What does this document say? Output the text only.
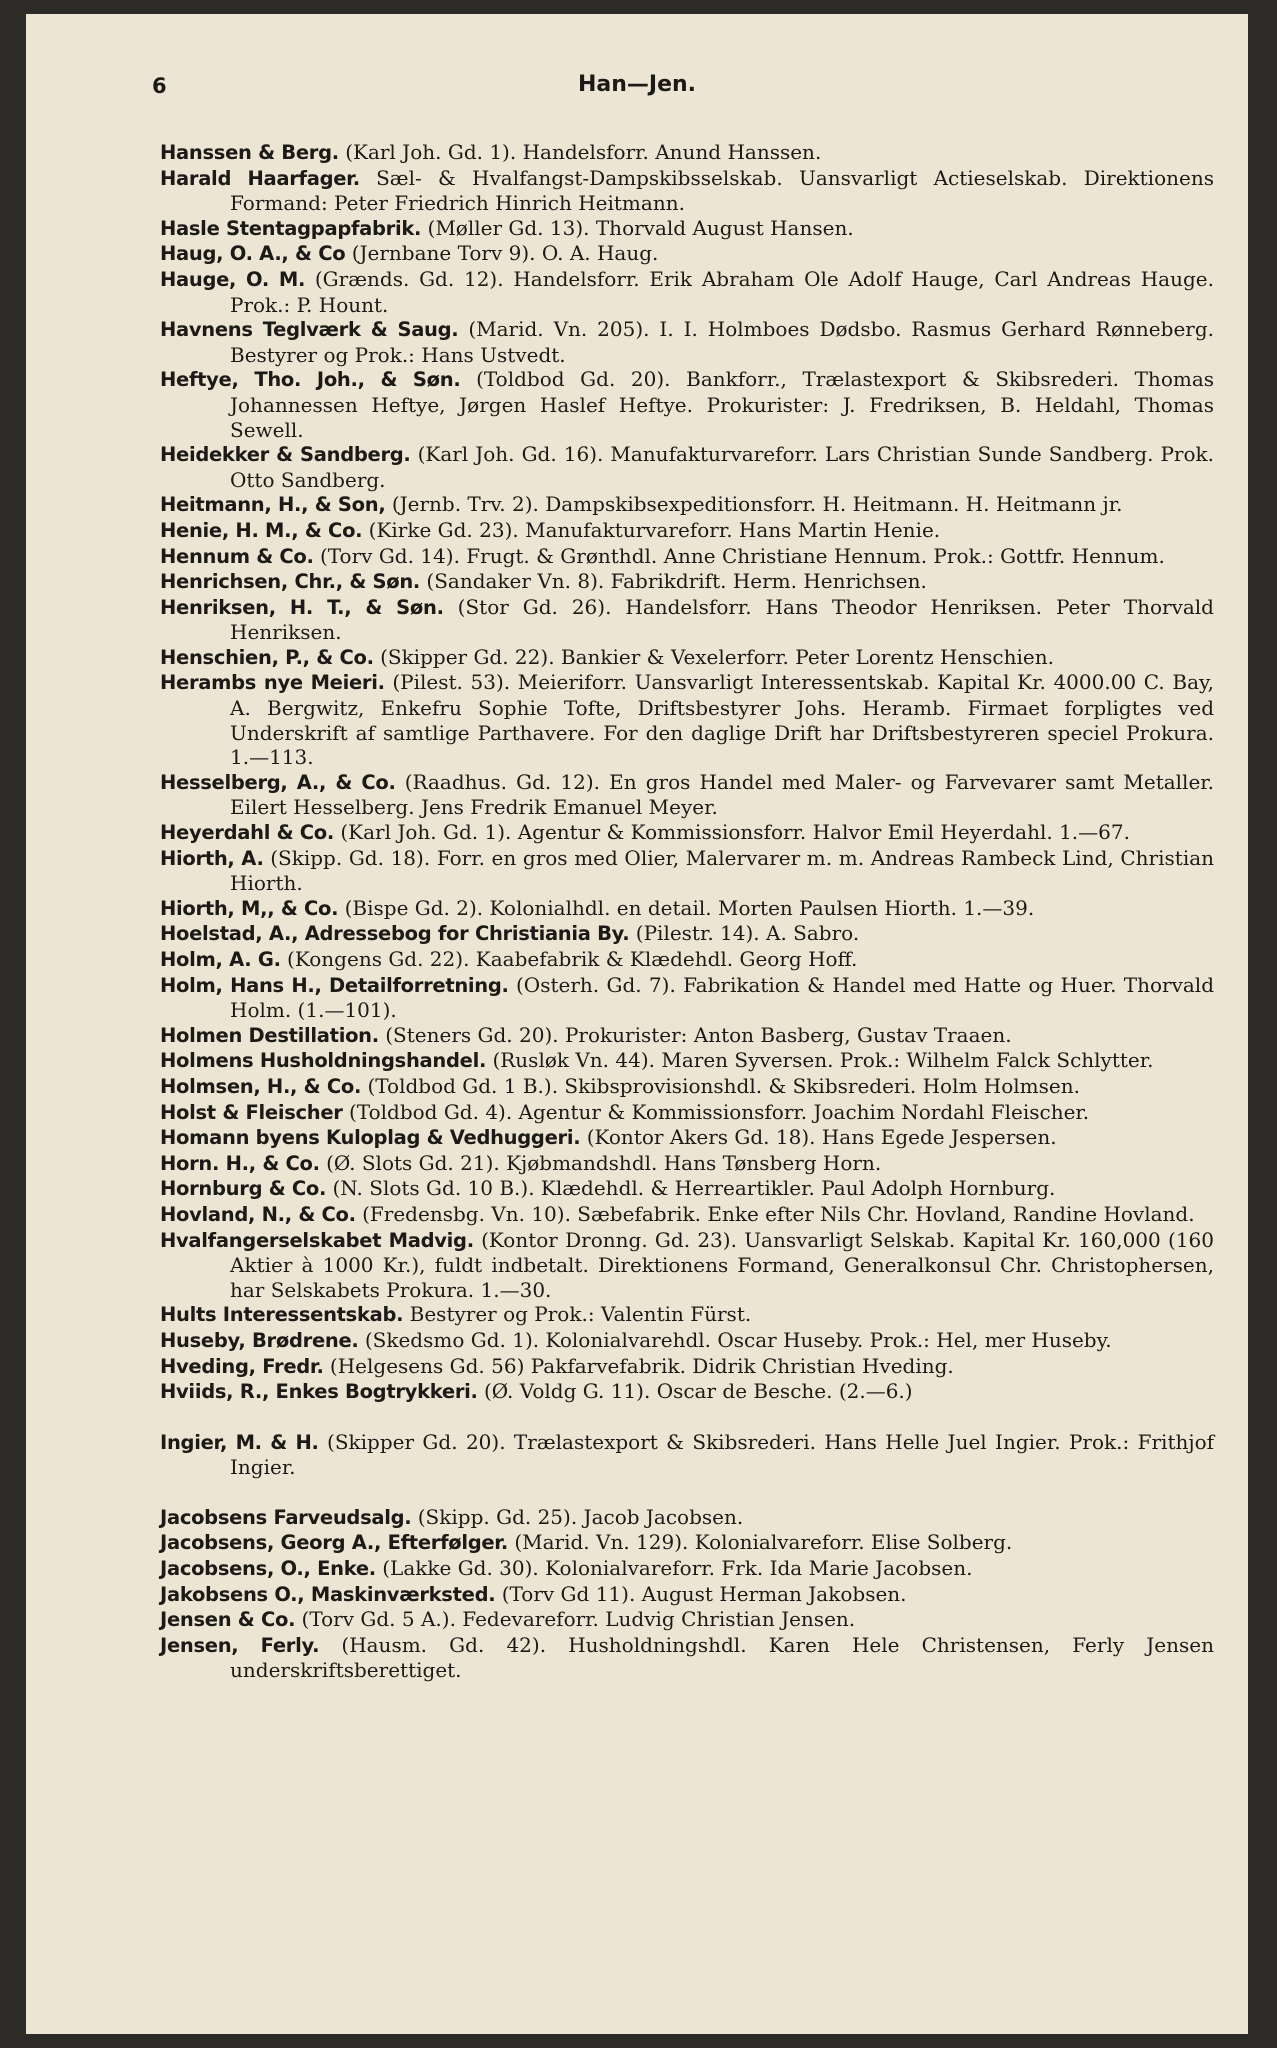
6	Han—Jen.
Hanssen & Berg. (Karl Joh. Gd. 1). Handelsforr. Anund Hanssen.
Harald Haarfager. Sæl- & Hvalfangst-Dampskibsselskab. Uansvarligt Actieselskab. Direktionens Formand: Peter Friedrich Hinrich Heitmann.
Hasle Stentagpapfabrik. (Møller Gd. 13). Thorvald August Hansen.
Haug, O. A., & Co (Jernbane Torv 9). O. A. Haug.
Hauge, O. M. (Grænds. Gd. 12). Handelsforr. Erik Abraham Ole Adolf Hauge, Carl Andreas Hauge. Prok.: P. Hount.
Havnens Teglværk & Saug. (Marid. Vn. 205). I. I. Holmboes Dødsbo. Rasmus Gerhard Rønneberg. Bestyrer og Prok.: Hans Ustvedt.
Heftye, Tho. Joh., & Søn. (Toldbod Gd. 20). Bankforr., Trælastexport & Skibsrederi. Thomas Johannessen Heftye, Jørgen Haslef Heftye. Prokurister: J. Fredriksen, B. Heldahl, Thomas Sewell.
Heidekker & Sandberg. (Karl Joh. Gd. 16). Manufakturvareforr. Lars Christian Sunde Sandberg. Prok. Otto Sandberg.
Heitmann, H., & Son, (Jernb. Trv. 2). Dampskibsexpeditionsforr. H. Heitmann. H. Heitmann jr.
Henie, H. M., & Co. (Kirke Gd. 23). Manufakturvareforr. Hans Martin Henie.
Hennum & Co. (Torv Gd. 14). Frugt. & Grønthdl. Anne Christiane Hennum. Prok.: Gottfr. Hennum.
Henrichsen, Chr., & Søn. (Sandaker Vn. 8). Fabrikdrift. Herm. Henrichsen.
Henriksen, H. T., & Søn. (Stor Gd. 26). Handelsforr. Hans Theodor Henriksen. Peter Thorvald Henriksen.
Henschien, P., & Co. (Skipper Gd. 22). Bankier & Vexelerforr. Peter Lorentz Henschien.
Herambs nye Meieri. (Pilest. 53). Meieriforr. Uansvarligt Interessentskab. Kapital Kr. 4000.00 C. Bay, A. Bergwitz, Enkefru Sophie Tofte, Driftsbestyrer Johs. Heramb. Firmaet forpligtes ved Underskrift af samtlige Parthavere. For den daglige Drift har Driftsbestyreren speciel Prokura. 1.—113.
Hesselberg, A., & Co. (Raadhus. Gd. 12). En gros Handel med Maler- og Farvevarer samt Metaller. Eilert Hesselberg. Jens Fredrik Emanuel Meyer.
Heyerdahl & Co. (Karl Joh. Gd. 1). Agentur & Kommissionsforr. Halvor Emil Heyerdahl. 1.—67.
Hiorth, A. (Skipp. Gd. 18). Forr. en gros med Olier, Malervarer m. m. Andreas Rambeck Lind, Christian Hiorth.
Hiorth, M,, & Co. (Bispe Gd. 2). Kolonialhdl. en detail. Morten Paulsen Hiorth. 1.—39.
Hoelstad, A., Adressebog for Christiania By. (Pilestr. 14). A. Sabro.
Holm, A. G. (Kongens Gd. 22). Kaabefabrik & Klædehdl. Georg Hoff.
Holm, Hans H., Detailforretning. (Osterh. Gd. 7). Fabrikation & Handel med Hatte og Huer. Thorvald Holm. (1.—101).
Holmen Destillation. (Steners Gd. 20). Prokurister: Anton Basberg, Gustav Traaen.
Holmens Husholdningshandel. (Rusløk Vn. 44). Maren Syversen. Prok.: Wilhelm Falck Schlytter.
Holmsen, H., & Co. (Toldbod Gd. 1 B.). Skibsprovisionshdl. & Skibsrederi. Holm Holmsen.
Holst & Fleischer (Toldbod Gd. 4). Agentur & Kommissionsforr. Joachim Nordahl Fleischer.
Homann byens Kuloplag & Vedhuggeri. (Kontor Akers Gd. 18). Hans Egede Jespersen.
Horn. H., & Co. (Ø. Slots Gd. 21). Kjøbmandshdl. Hans Tønsberg Horn.
Hornburg & Co. (N. Slots Gd. 10 B.). Klædehdl. & Herreartikler. Paul Adolph Hornburg.
Hovland, N., & Co. (Fredensbg. Vn. 10). Sæbefabrik. Enke efter Nils Chr. Hovland, Randine Hovland.
Hvalfangerselskabet Madvig. (Kontor Dronng. Gd. 23). Uansvarligt Selskab. Kapital Kr. 160,000 (160 Aktier à 1000 Kr.), fuldt indbetalt. Direktionens Formand, Generalkonsul Chr. Christophersen, har Selskabets Prokura. 1.—30.
Hults Interessentskab. Bestyrer og Prok.: Valentin Fürst.
Huseby, Brødrene. (Skedsmo Gd. 1). Kolonialvarehdl. Oscar Huseby. Prok.: Hel, mer Huseby.
Hveding, Fredr. (Helgesens Gd. 56) Pakfarvefabrik. Didrik Christian Hveding.
Hviids, R., Enkes Bogtrykkeri. (Ø. Voldg G. 11). Oscar de Besche. (2.—6.)
Ingier, M. & H. (Skipper Gd. 20). Trælastexport & Skibsrederi. Hans Helle Juel Ingier. Prok.: Frithjof Ingier.
Jacobsens Farveudsalg. (Skipp. Gd. 25). Jacob Jacobsen.
Jacobsens, Georg A., Efterfølger. (Marid. Vn. 129). Kolonialvareforr. Elise Solberg.
Jacobsens, O., Enke. (Lakke Gd. 30). Kolonialvareforr. Frk. Ida Marie Jacobsen.
Jakobsens O., Maskinværksted. (Torv Gd 11). August Herman Jakobsen.
Jensen & Co. (Torv Gd. 5 A.). Fedevareforr. Ludvig Christian Jensen.
Jensen, Ferly. (Hausm. Gd. 42). Husholdningshdl. Karen Hele Christensen, Ferly Jensen underskriftsberettiget.
